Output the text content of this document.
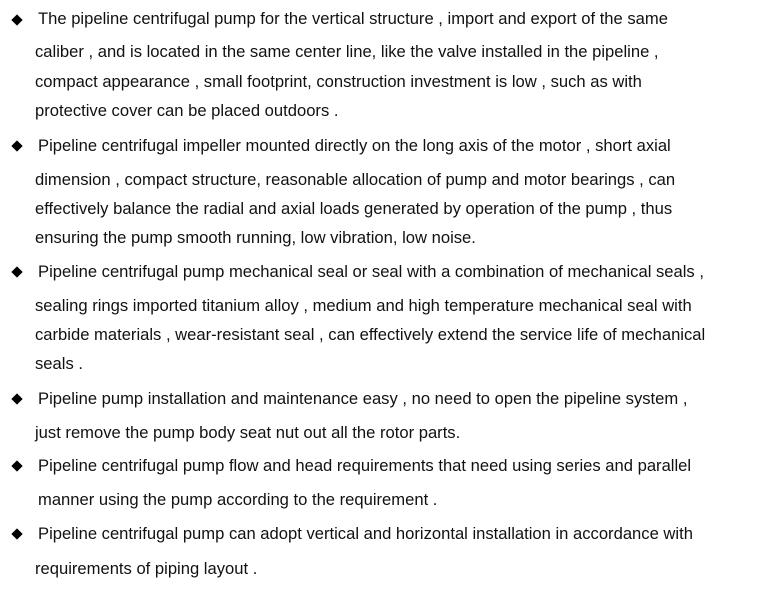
The pipeline centrifugal pump for the vertical structure , import and export of the same
caliber , and is located in the same center line, like the valve installed in the pipeline ,
compact appearance , small footprint, construction investment is low , such as with
protective cover can be placed outdoors .
Pipeline centrifugal impeller mounted directly on the long axis of the motor , short axial
dimension , compact structure, reasonable allocation of pump and motor bearings , can
effectively balance the radial and axial loads generated by operation of the pump , thus
ensuring the pump smooth running, low vibration, low noise.
Pipeline centrifugal pump mechanical seal or seal with a combination of mechanical seals ,
sealing rings imported titanium alloy , medium and high temperature mechanical seal with
carbide materials , wear-resistant seal , can effectively extend the service life of mechanical
seals .
Pipeline pump installation and maintenance easy , no need to open the pipeline system ,
just remove the pump body seat nut out all the rotor parts.
Pipeline centrifugal pump flow and head requirements that need using series and parallel
manner using the pump according to the requirement .
Pipeline centrifugal pump can adopt vertical and horizontal installation in accordance with
requirements of piping layout .
